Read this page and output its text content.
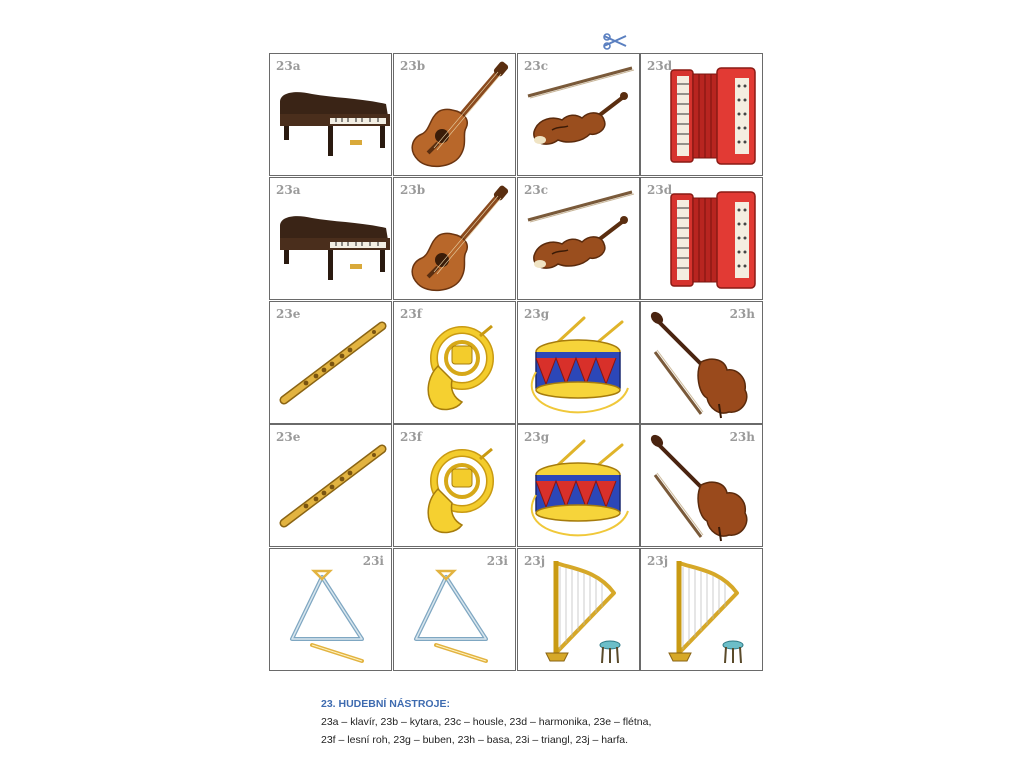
23a	23b	23c	23d
23a	23b	23c	23d
23e	23f	23g	23h
23e	23f	23g	23h
23i	23i 23j	23j
23. HUDEBNÍ NÁSTROJE:
23a – klavír, 23b – kytara, 23c – housle, 23d – harmonika, 23e – flétna,
23f – lesní roh, 23g – buben, 23h – basa, 23i – triangl, 23j – harfa.
